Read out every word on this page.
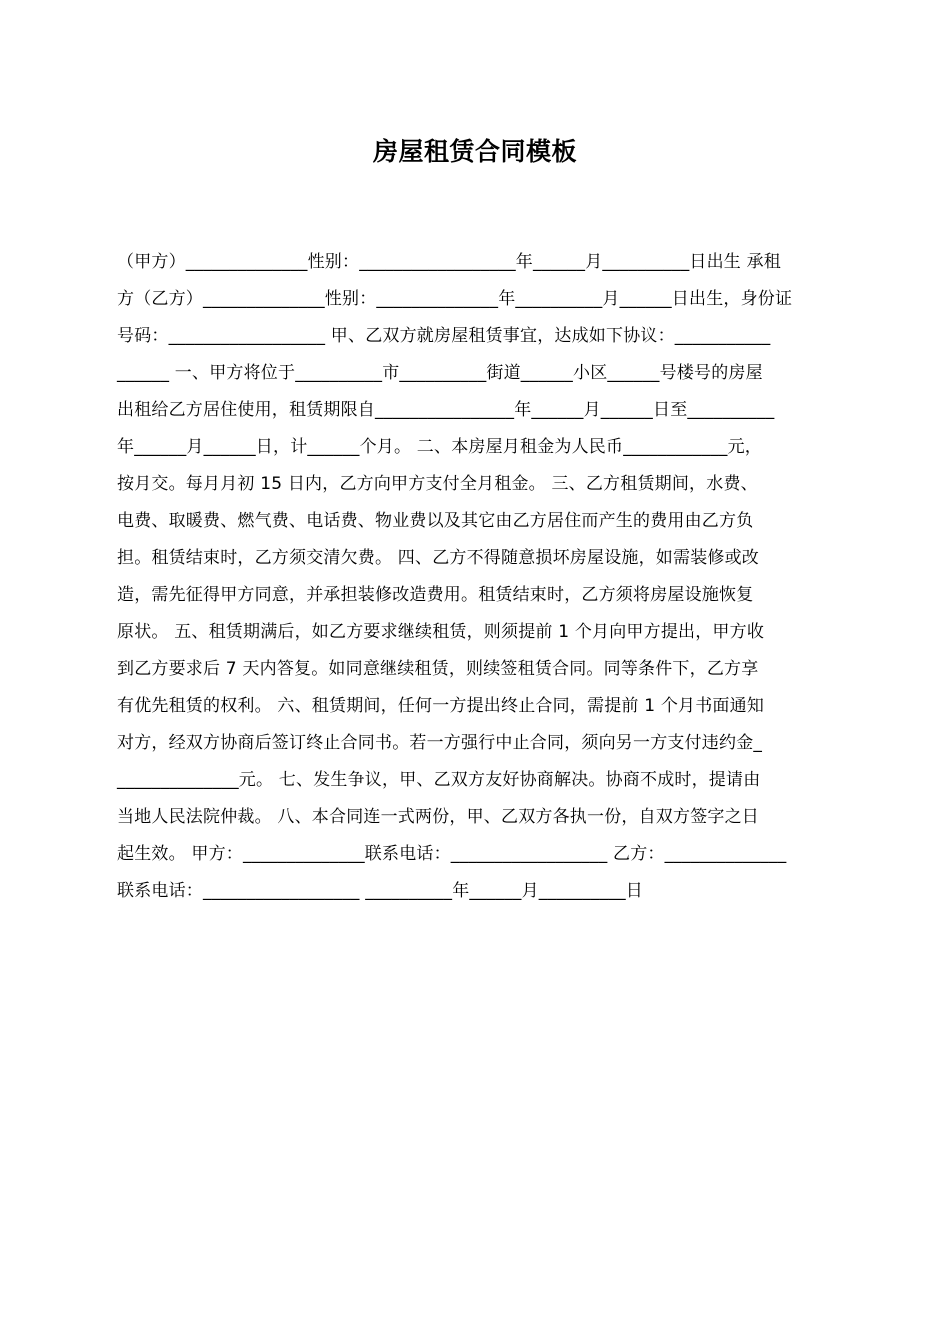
房屋租赁合同模板
（甲方）______________性别：__________________年______月__________日出生 承租
方（乙方）______________性别：______________年__________月______日出生，身份证
号码：__________________ 甲、乙双方就房屋租赁事宜，达成如下协议：___________
______ 一、甲方将位于__________市__________街道______小区______号楼号的房屋
出租给乙方居住使用，租赁期限自________________年______月______日至__________
年______月______日，计______个月。 二、本房屋月租金为人民币____________元，
按月交。每月月初 15 日内，乙方向甲方支付全月租金。 三、乙方租赁期间，水费、
电费、取暖费、燃气费、电话费、物业费以及其它由乙方居住而产生的费用由乙方负
担。租赁结束时，乙方须交清欠费。 四、乙方不得随意损坏房屋设施，如需装修或改
造，需先征得甲方同意，并承担装修改造费用。租赁结束时，乙方须将房屋设施恢复
原状。 五、租赁期满后，如乙方要求继续租赁，则须提前 1 个月向甲方提出，甲方收
到乙方要求后 7 天内答复。如同意继续租赁，则续签租赁合同。同等条件下，乙方享
有优先租赁的权利。 六、租赁期间，任何一方提出终止合同，需提前 1 个月书面通知
对方，经双方协商后签订终止合同书。若一方强行中止合同，须向另一方支付违约金_
______________元。 七、发生争议，甲、乙双方友好协商解决。协商不成时，提请由
当地人民法院仲裁。 八、本合同连一式两份，甲、乙双方各执一份，自双方签字之日
起生效。 甲方：______________联系电话：__________________ 乙方：______________
联系电话：__________________ __________年______月__________日
